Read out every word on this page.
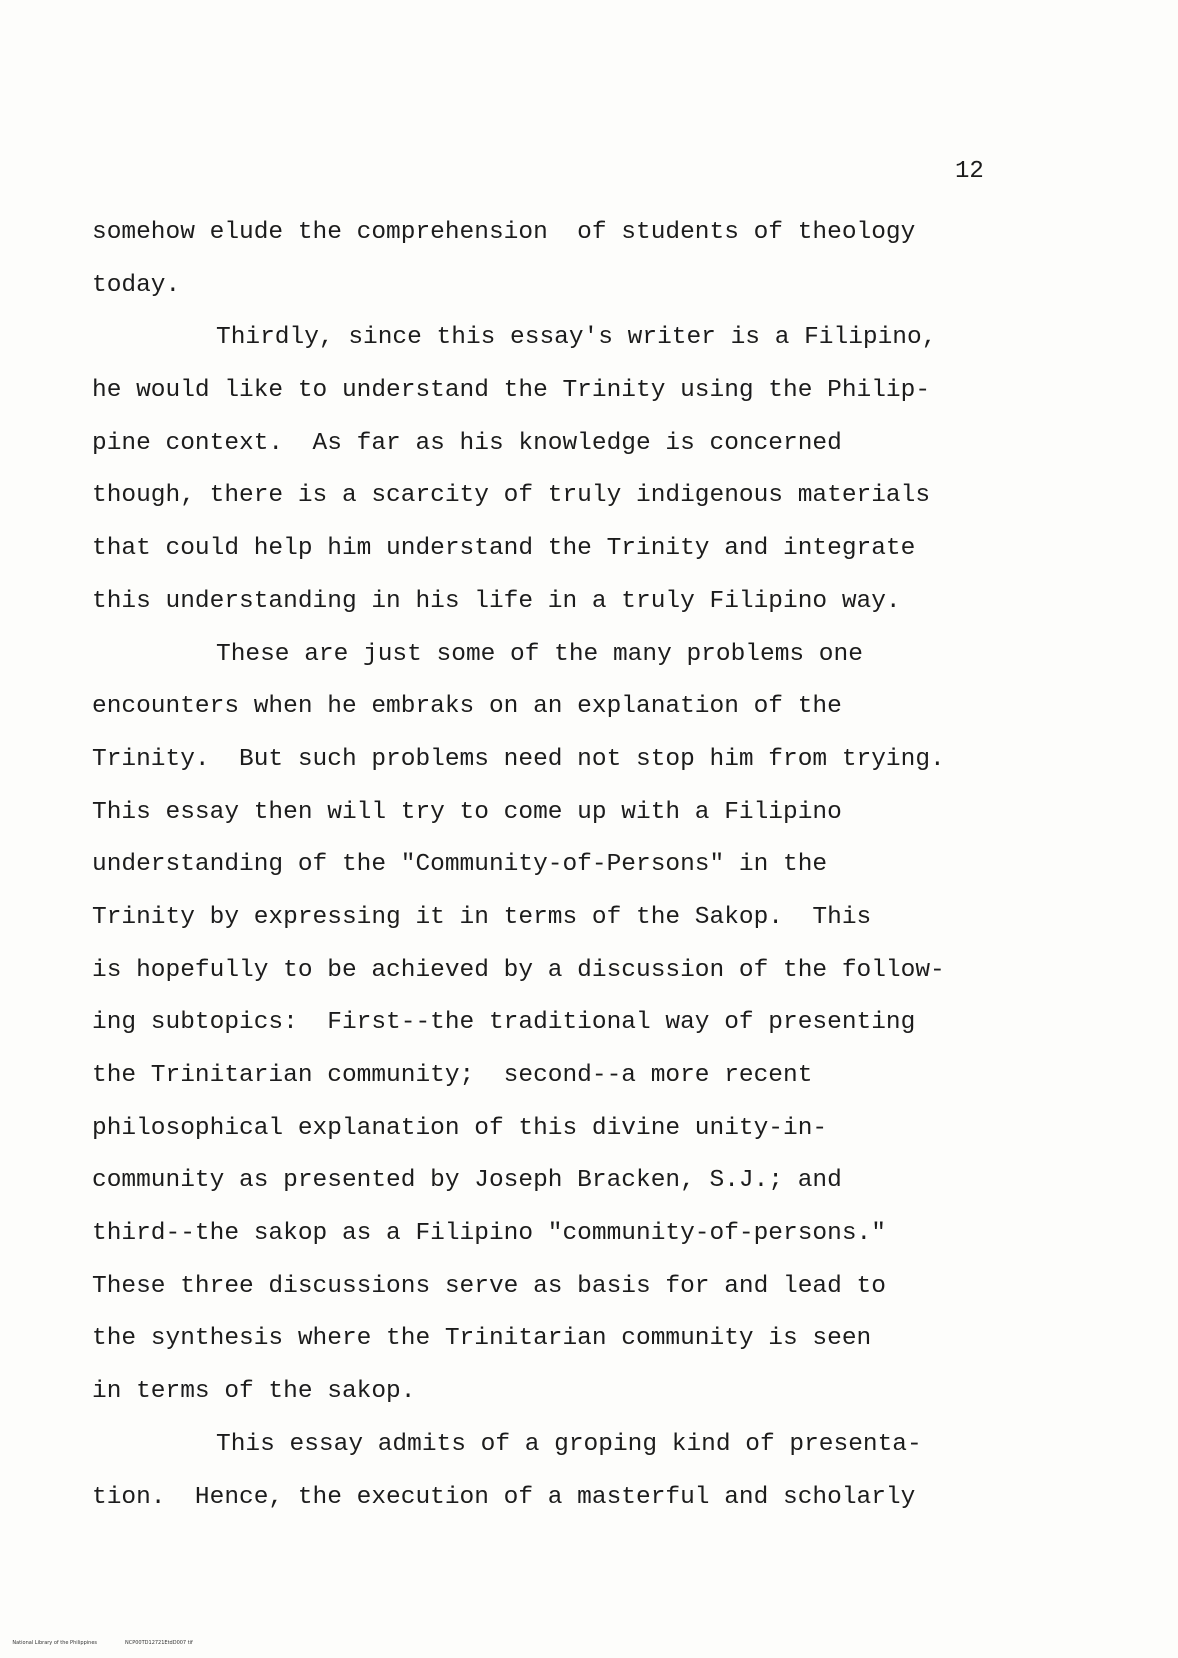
12
somehow elude the comprehension  of students of theology
today.
Thirdly, since this essay's writer is a Filipino,
he would like to understand the Trinity using the Philip-
pine context.  As far as his knowledge is concerned
though, there is a scarcity of truly indigenous materials
that could help him understand the Trinity and integrate
this understanding in his life in a truly Filipino way.
These are just some of the many problems one
encounters when he embraks on an explanation of the
Trinity.  But such problems need not stop him from trying.
This essay then will try to come up with a Filipino
understanding of the "Community-of-Persons" in the
Trinity by expressing it in terms of the Sakop.  This
is hopefully to be achieved by a discussion of the follow-
ing subtopics:  First--the traditional way of presenting
the Trinitarian community;  second--a more recent
philosophical explanation of this divine unity-in-
community as presented by Joseph Bracken, S.J.; and
third--the sakop as a Filipino "community-of-persons."
These three discussions serve as basis for and lead to
the synthesis where the Trinitarian community is seen
in terms of the sakop.
This essay admits of a groping kind of presenta-
tion.  Hence, the execution of a masterful and scholarly

National Library of the Philippines	NCP00TD12721EtdD007 tif
